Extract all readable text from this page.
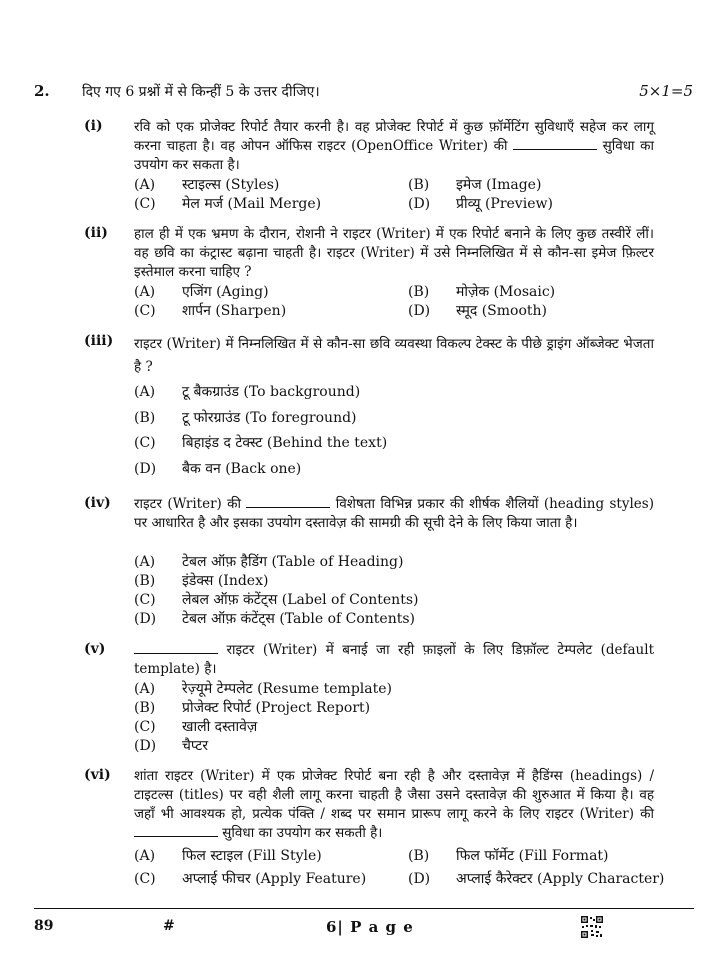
2. दिए गए 6 प्रश्नों में से किन्हीं 5 के उत्तर दीजिए।	5×1=5
(i) रवि को एक प्रोजेक्ट रिपोर्ट तैयार करनी है। वह प्रोजेक्ट रिपोर्ट में कुछ फ़ॉर्मेटिंग सुविधाएँ सहेज कर लागू करना चाहता है। वह ओपन ऑफिस राइटर (OpenOffice Writer) की	सुविधा का उपयोग कर सकता है।
(A) स्टाइल्स (Styles)	(B) इमेज (Image)
(C) मेल मर्ज (Mail Merge)	(D) प्रीव्यू (Preview)
(ii) हाल ही में एक भ्रमण के दौरान, रोशनी ने राइटर (Writer) में एक रिपोर्ट बनाने के लिए कुछ तस्वीरें लीं। वह छवि का कंट्रास्ट बढ़ाना चाहती है। राइटर (Writer) में उसे निम्नलिखित में से कौन-सा इमेज फ़िल्टर इस्तेमाल करना चाहिए ?
(A) एजिंग (Aging)	(B) मोज़ेक (Mosaic)
(C) शार्पन (Sharpen)	(D) स्मूद (Smooth)
(iii) राइटर (Writer) में निम्नलिखित में से कौन-सा छवि व्यवस्था विकल्प टेक्स्ट के पीछे ड्राइंग ऑब्जेक्ट भेजता है ?
(A) टू बैकग्राउंड (To background)
(B) टू फोरग्राउंड (To foreground)
(C) बिहाइंड द टेक्स्ट (Behind the text)
(D) बैक वन (Back one)
(iv) राइटर (Writer) की	विशेषता विभिन्न प्रकार की शीर्षक शैलियों (heading styles) पर आधारित है और इसका उपयोग दस्तावेज़ की सामग्री की सूची देने के लिए किया जाता है।
(A) टेबल ऑफ़ हैडिंग (Table of Heading)
(B) इंडेक्स (Index)
(C) लेबल ऑफ़ कंटेंट्स (Label of Contents)
(D) टेबल ऑफ़ कंटेंट्स (Table of Contents)
(v)	राइटर (Writer) में बनाई जा रही फ़ाइलों के लिए डिफ़ॉल्ट टेम्पलेट (default template) है।
(A) रेज़्यूमे टेम्पलेट (Resume template)
(B) प्रोजेक्ट रिपोर्ट (Project Report)
(C) खाली दस्तावेज़
(D) चैप्टर
(vi) शांता राइटर (Writer) में एक प्रोजेक्ट रिपोर्ट बना रही है और दस्तावेज़ में हैडिंग्स (headings) / टाइटल्स (titles) पर वही शैली लागू करना चाहती है जैसा उसने दस्तावेज़ की शुरुआत में किया है। वह जहाँ भी आवश्यक हो, प्रत्येक पंक्ति / शब्द पर समान प्रारूप लागू करने के लिए राइटर (Writer) की  सुविधा का उपयोग कर सकती है।
(A) फिल स्टाइल (Fill Style)	(B) फिल फॉर्मेट (Fill Format)
(C) अप्लाई फीचर (Apply Feature)	(D) अप्लाई कैरेक्टर (Apply Character)
89	#	6| P a g e
